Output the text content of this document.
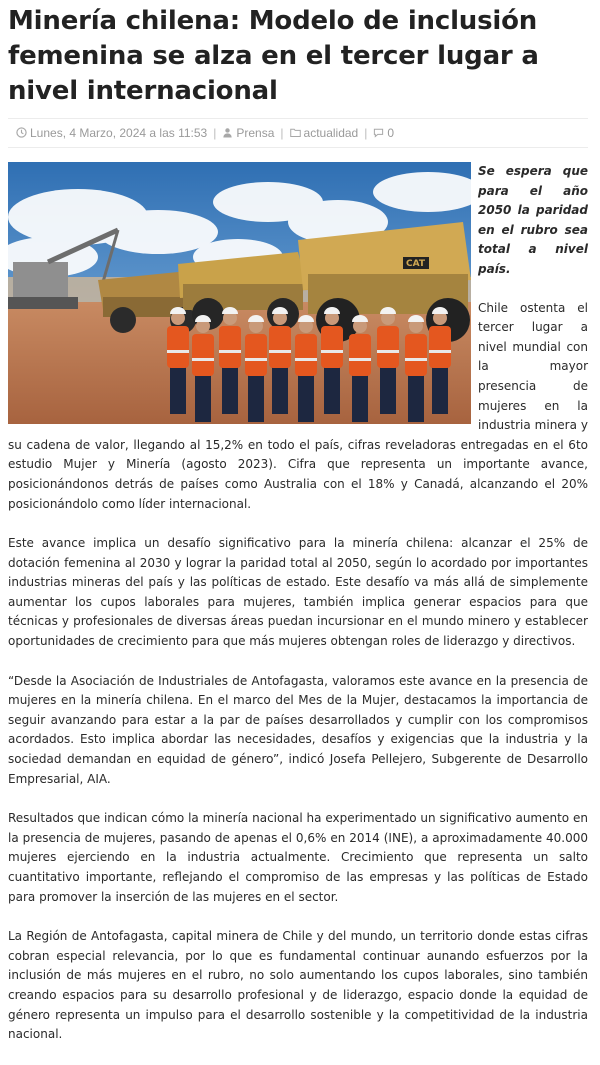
Minería chilena: Modelo de inclusión femenina se alza en el tercer lugar a nivel internacional
Lunes, 4 Marzo, 2024 a las 11:53 |	Prensa |	actualidad |	0
CAT

Se espera que para el año 2050 la paridad en el rubro sea total a nivel país.

Chile ostenta el tercer lugar a nivel mundial con la mayor presencia de mujeres en la industria minera y su cadena de valor, llegando al 15,2% en todo el país, cifras reveladoras entregadas en el 6to estudio Mujer y Minería (agosto 2023). Cifra que representa un importante avance, posicionándonos detrás de países como Australia con el 18% y Canadá, alcanzando el 20% posicionándolo como líder internacional.

Este avance implica un desafío significativo para la minería chilena: alcanzar el 25% de dotación femenina al 2030 y lograr la paridad total al 2050, según lo acordado por importantes industrias mineras del país y las políticas de estado. Este desafío va más allá de simplemente aumentar los cupos laborales para mujeres, también implica generar espacios para que técnicas y profesionales de diversas áreas puedan incursionar en el mundo minero y establecer oportunidades de crecimiento para que más mujeres obtengan roles de liderazgo y directivos.

“Desde la Asociación de Industriales de Antofagasta, valoramos este avance en la presencia de mujeres en la minería chilena. En el marco del Mes de la Mujer, destacamos la importancia de seguir avanzando para estar a la par de países desarrollados y cumplir con los compromisos acordados. Esto implica abordar las necesidades, desafíos y exigencias que la industria y la sociedad demandan en equidad de género”, indicó Josefa Pellejero, Subgerente de Desarrollo Empresarial, AIA.

Resultados que indican cómo la minería nacional ha experimentado un significativo aumento en la presencia de mujeres, pasando de apenas el 0,6% en 2014 (INE), a aproximadamente 40.000 mujeres ejerciendo en la industria actualmente. Crecimiento que representa un salto cuantitativo importante, reflejando el compromiso de las empresas y las políticas de Estado para promover la inserción de las mujeres en el sector.

La Región de Antofagasta, capital minera de Chile y del mundo, un territorio donde estas cifras cobran especial relevancia, por lo que es fundamental continuar aunando esfuerzos por la inclusión de más mujeres en el rubro, no solo aumentando los cupos laborales, sino también creando espacios para su desarrollo profesional y de liderazgo, espacio donde la equidad de género representa un impulso para el desarrollo sostenible y la competitividad de la industria nacional.
